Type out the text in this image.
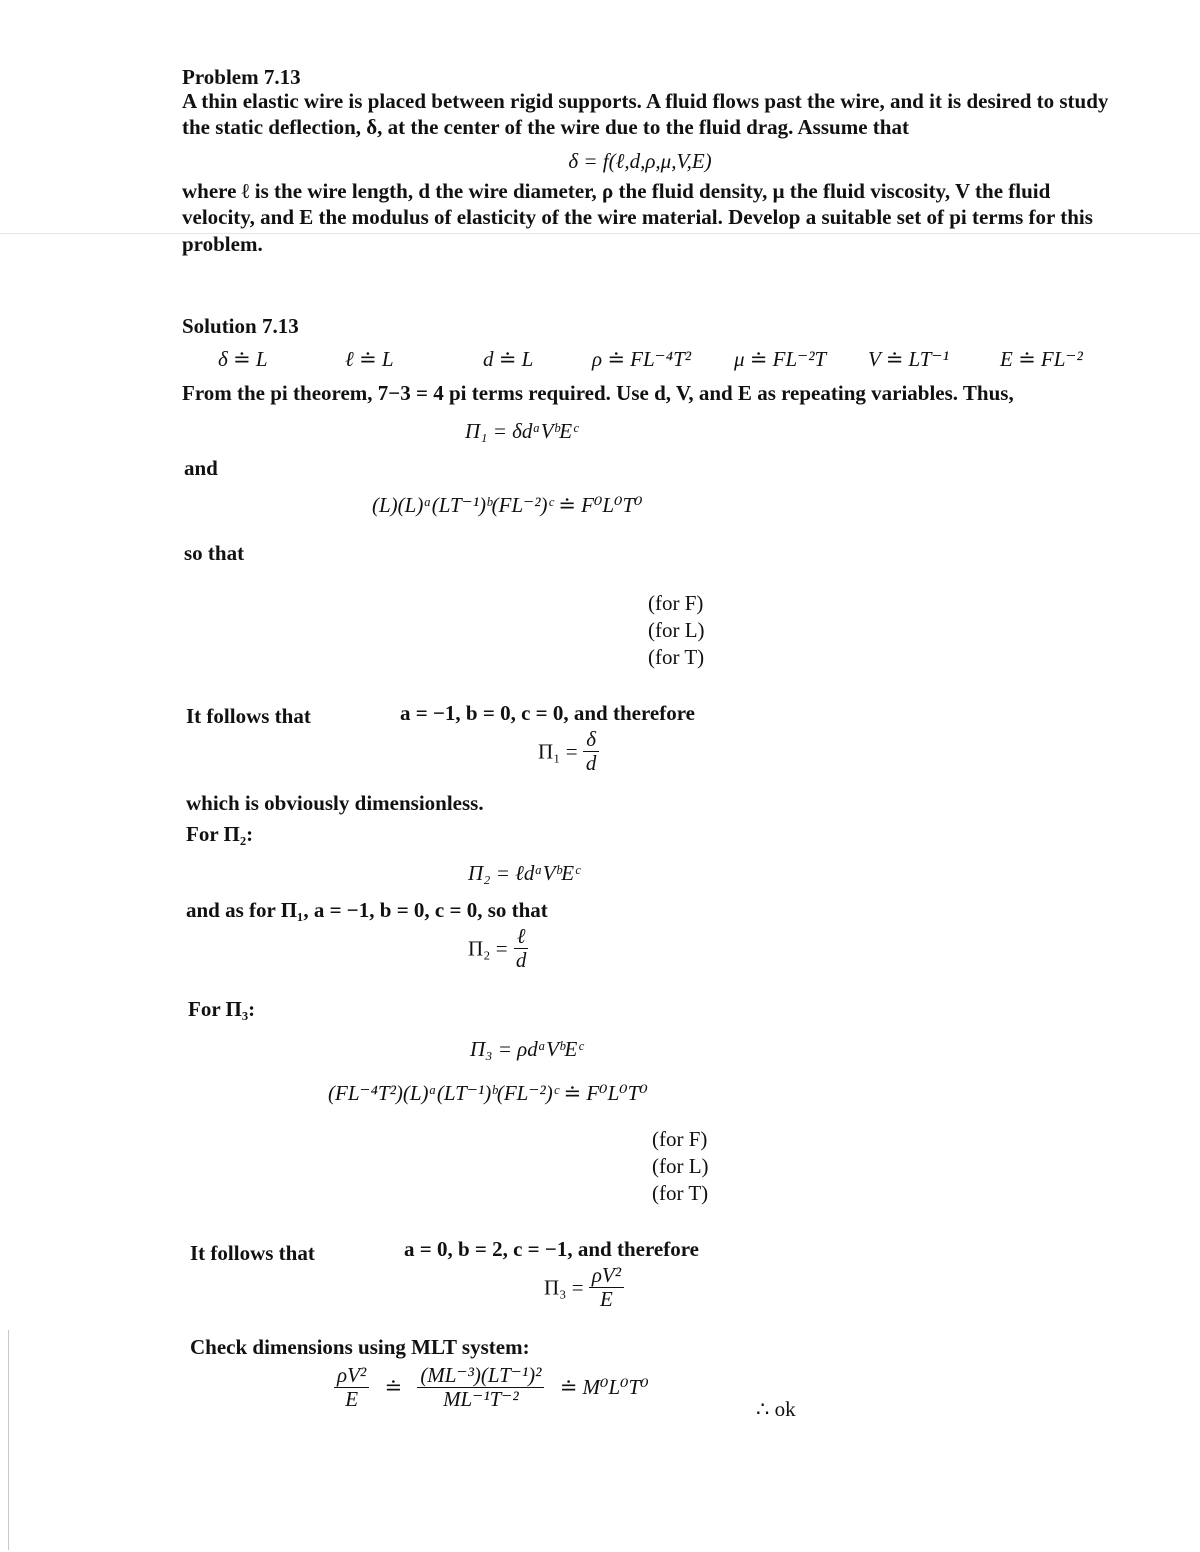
Problem 7.13
A thin elastic wire is placed between rigid supports. A fluid flows past the wire, and it is desired to study the static deflection, δ, at the center of the wire due to the fluid drag. Assume that
δ = f(ℓ,d,ρ,μ,V,E)
where ℓ is the wire length, d the wire diameter, ρ the fluid density, μ the fluid viscosity, V the fluid velocity, and E the modulus of elasticity of the wire material. Develop a suitable set of pi terms for this problem.
Solution 7.13
δ ≐ L	ℓ ≐ L	d ≐ L	ρ ≐ FL⁻⁴T² μ ≐ FL⁻²T V ≐ LT⁻¹ E ≐ FL⁻²
From the pi theorem, 7−3 = 4 pi terms required. Use d, V, and E as repeating variables. Thus,
Π₁ = δdᵃVᵇEᶜ
and
(L)(L)ᵃ(LT⁻¹)ᵇ(FL⁻²)ᶜ ≐ F⁰L⁰T⁰
so that
(for F)
(for L)
(for T)
It follows that	a = −1, b = 0, c = 0, and therefore
$\Pi_1 = \frac{\delta}{d}$
which is obviously dimensionless.
For Π₂:
Π₂ = ℓdᵃVᵇEᶜ
and as for Π₁, a = −1, b = 0, c = 0, so that
$\Pi_2 = \frac{\text{ℓ}}{d}$
For Π₃:
Π₃ = ρdᵃVᵇEᶜ
(FL⁻⁴T²)(L)ᵃ(LT⁻¹)ᵇ(FL⁻²)ᶜ ≐ F⁰L⁰T⁰
(for F)
(for L)
(for T)
It follows that	a = 0, b = 2, c = −1, and therefore
$\Pi_3 = \frac{\text{ρV²}}{E}$
Check dimensions using MLT system:
$\frac{\text{ρV²}}{E}$ ≐ $\frac{\text{(ML⁻³)(LT⁻¹)²}}{\text{ML⁻¹T⁻²}}$ ≐ M⁰L⁰T⁰
∴ ok
